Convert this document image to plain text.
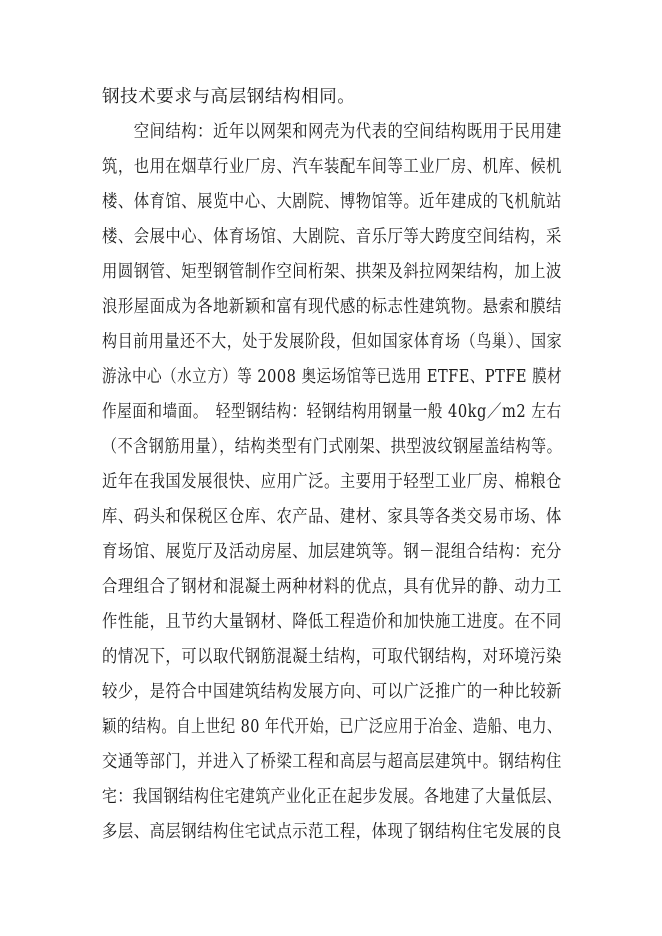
钢技术要求与高层钢结构相同。
　　空间结构：近年以网架和网壳为代表的空间结构既用于民用建
筑，也用在烟草行业厂房、汽车装配车间等工业厂房、机库、候机
楼、体育馆、展览中心、大剧院、博物馆等。近年建成的飞机航站
楼、会展中心、体育场馆、大剧院、音乐厅等大跨度空间结构，采
用圆钢管、矩型钢管制作空间桁架、拱架及斜拉网架结构，加上波
浪形屋面成为各地新颖和富有现代感的标志性建筑物。悬索和膜结
构目前用量还不大，处于发展阶段，但如国家体育场（鸟巢）、国家
游泳中心（水立方）等 2008 奥运场馆等已选用 ETFE、PTFE 膜材
作屋面和墙面。　轻型钢结构：轻钢结构用钢量一般 40kg／m2 左右
（不含钢筋用量），结构类型有门式刚架、拱型波纹钢屋盖结构等。
近年在我国发展很快、应用广泛。主要用于轻型工业厂房、棉粮仓
库、码头和保税区仓库、农产品、建材、家具等各类交易市场、体
育场馆、展览厅及活动房屋、加层建筑等。钢－混组合结构：充分
合理组合了钢材和混凝土两种材料的优点，具有优异的静、动力工
作性能，且节约大量钢材、降低工程造价和加快施工进度。在不同
的情况下，可以取代钢筋混凝土结构，可取代钢结构，对环境污染
较少，是符合中国建筑结构发展方向、可以广泛推广的一种比较新
颖的结构。自上世纪 80 年代开始，已广泛应用于冶金、造船、电力、
交通等部门，并进入了桥梁工程和高层与超高层建筑中。钢结构住
宅：我国钢结构住宅建筑产业化正在起步发展。各地建了大量低层、
多层、高层钢结构住宅试点示范工程，体现了钢结构住宅发展的良
